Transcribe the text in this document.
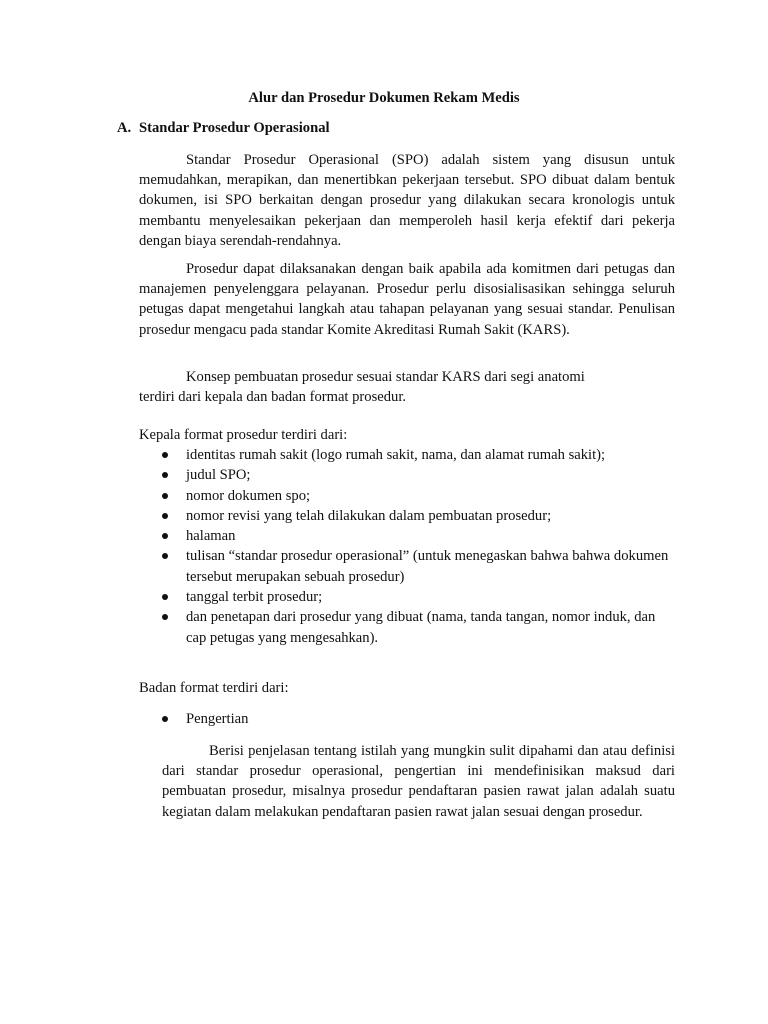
Alur dan Prosedur Dokumen Rekam Medis
A. Standar Prosedur Operasional

Standar Prosedur Operasional (SPO) adalah sistem yang disusun untuk memudahkan, merapikan, dan menertibkan pekerjaan tersebut. SPO dibuat dalam bentuk dokumen, isi SPO berkaitan dengan prosedur yang dilakukan secara kronologis untuk membantu menyelesaikan pekerjaan dan memperoleh hasil kerja efektif dari pekerja dengan biaya serendah-rendahnya.

Prosedur dapat dilaksanakan dengan baik apabila ada komitmen dari petugas dan manajemen penyelenggara pelayanan. Prosedur perlu disosialisasikan sehingga seluruh petugas dapat mengetahui langkah atau tahapan pelayanan yang sesuai standar. Penulisan prosedur mengacu pada standar Komite Akreditasi Rumah Sakit (KARS).

Konsep pembuatan prosedur sesuai standar KARS dari segi anatomi
terdiri dari kepala dan badan format prosedur.

Kepala format prosedur terdiri dari:
identitas rumah sakit (logo rumah sakit, nama, dan alamat rumah sakit);
judul SPO;
nomor dokumen spo;
nomor revisi yang telah dilakukan dalam pembuatan prosedur;
halaman
tulisan “standar prosedur operasional” (untuk menegaskan bahwa bahwa dokumen tersebut merupakan sebuah prosedur)
tanggal terbit prosedur;
dan penetapan dari prosedur yang dibuat (nama, tanda tangan, nomor induk, dan cap petugas yang mengesahkan).
Badan format terdiri dari:
Pengertian

Berisi penjelasan tentang istilah yang mungkin sulit dipahami dan atau definisi dari standar prosedur operasional, pengertian ini mendefinisikan maksud dari pembuatan prosedur, misalnya prosedur pendaftaran pasien rawat jalan adalah suatu kegiatan dalam melakukan pendaftaran pasien rawat jalan sesuai dengan prosedur.
